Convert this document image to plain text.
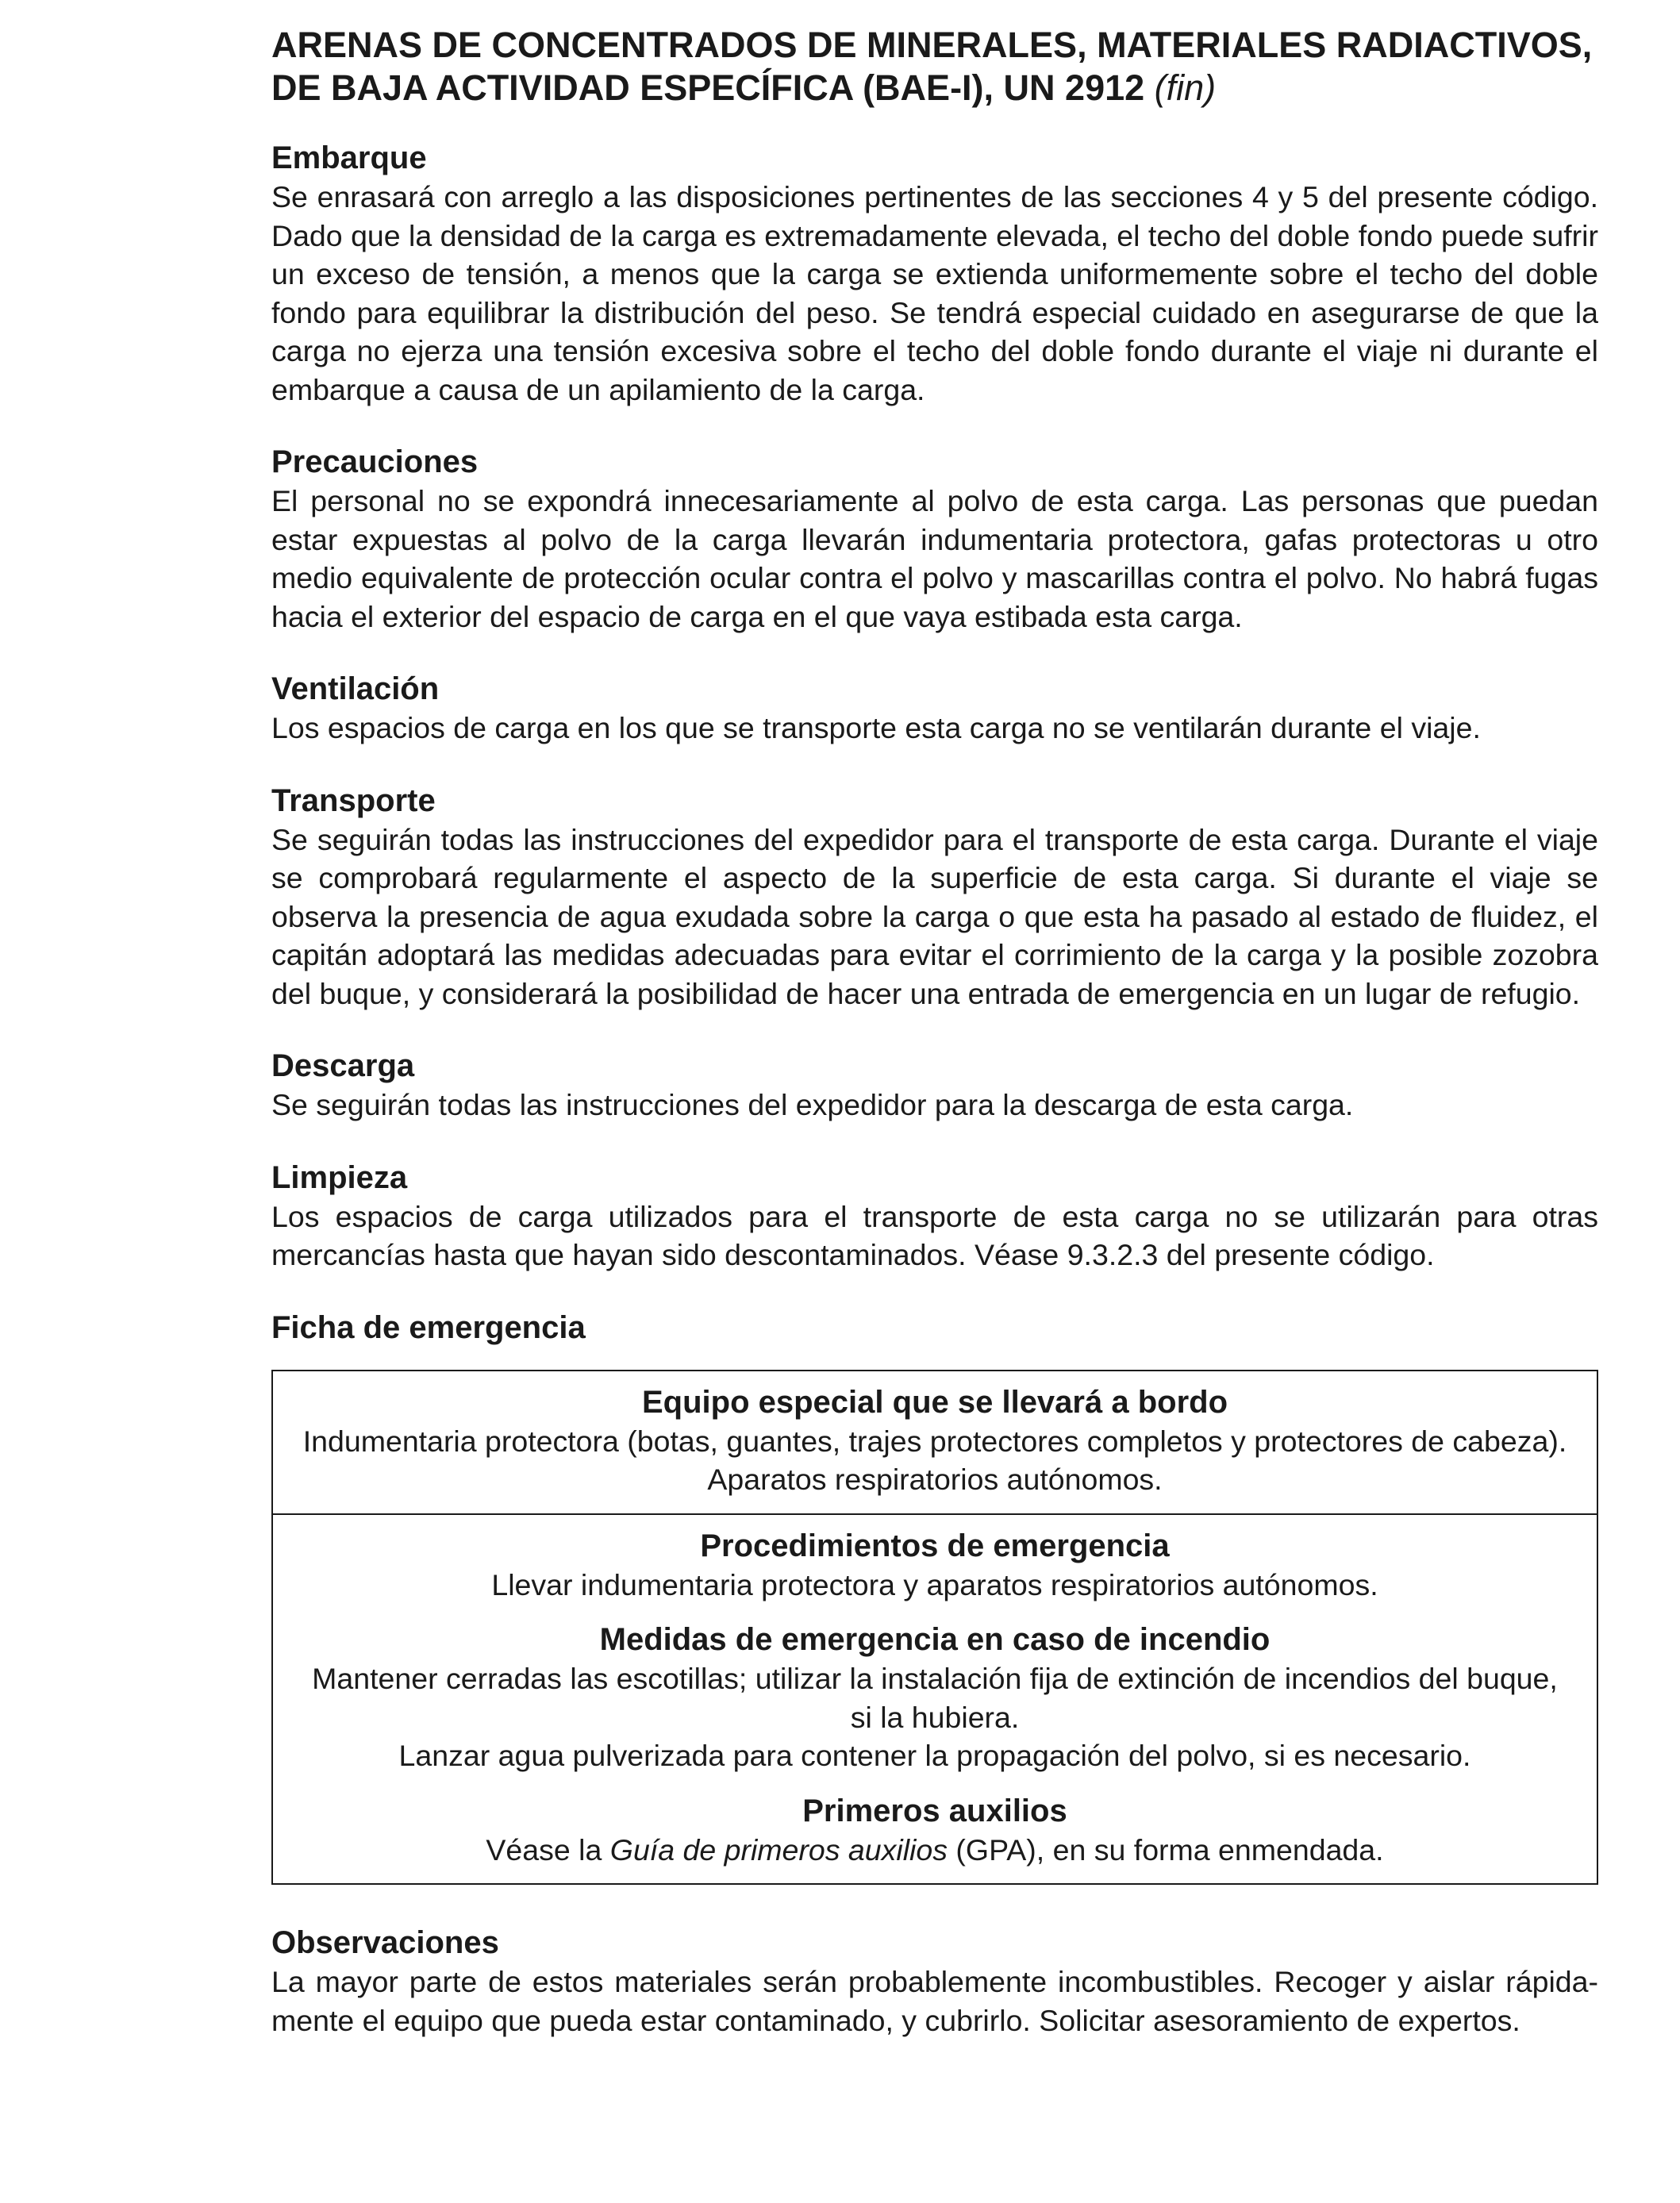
ARENAS DE CONCENTRADOS DE MINERALES, MATERIALES RADIACTIVOS,
DE BAJA ACTIVIDAD ESPECÍFICA (BAE-I), UN 2912 (fin)
Embarque

Se enrasará con arreglo a las disposiciones pertinentes de las secciones 4 y 5 del presente código. Dado que la densidad de la carga es extremadamente elevada, el techo del doble fondo puede sufrir un exceso de tensión, a menos que la carga se extienda uniformemente sobre el techo del doble fondo para equilibrar la distribución del peso. Se tendrá especial cuidado en asegurarse de que la carga no ejerza una tensión excesiva sobre el techo del doble fondo durante el viaje ni durante el embarque a causa de un apilamiento de la carga.

Precauciones

El personal no se expondrá innecesariamente al polvo de esta carga. Las personas que puedan estar expuestas al polvo de la carga llevarán indumentaria protectora, gafas protectoras u otro medio equivalente de protección ocular contra el polvo y mascarillas contra el polvo. No habrá fugas hacia el exterior del espacio de carga en el que vaya estibada esta carga.

Ventilación

Los espacios de carga en los que se transporte esta carga no se ventilarán durante el viaje.

Transporte

Se seguirán todas las instrucciones del expedidor para el transporte de esta carga. Durante el viaje se comprobará regularmente el aspecto de la superficie de esta carga. Si durante el viaje se observa la presencia de agua exudada sobre la carga o que esta ha pasado al estado de fluidez, el capitán adoptará las medidas adecuadas para evitar el corrimiento de la carga y la posible zozobra del buque, y considerará la posibilidad de hacer una entrada de emergencia en un lugar de refugio.

Descarga

Se seguirán todas las instrucciones del expedidor para la descarga de esta carga.

Limpieza

Los espacios de carga utilizados para el transporte de esta carga no se utilizarán para otras mercancías hasta que hayan sido descontaminados. Véase 9.3.2.3 del presente código.

Ficha de emergencia
Equipo especial que se llevará a bordo
Indumentaria protectora (botas, guantes, trajes protectores completos y protectores de cabeza).
Aparatos respiratorios autónomos.
Procedimientos de emergencia
Llevar indumentaria protectora y aparatos respiratorios autónomos.
Medidas de emergencia en caso de incendio
Mantener cerradas las escotillas; utilizar la instalación fija de extinción de incendios del buque,
si la hubiera.
Lanzar agua pulverizada para contener la propagación del polvo, si es necesario.
Primeros auxilios
Véase la Guía de primeros auxilios (GPA), en su forma enmendada.
Observaciones

La mayor parte de estos materiales serán probablemente incombustibles. Recoger y aislar rápidamente el equipo que pueda estar contaminado, y cubrirlo. Solicitar asesoramiento de expertos.
